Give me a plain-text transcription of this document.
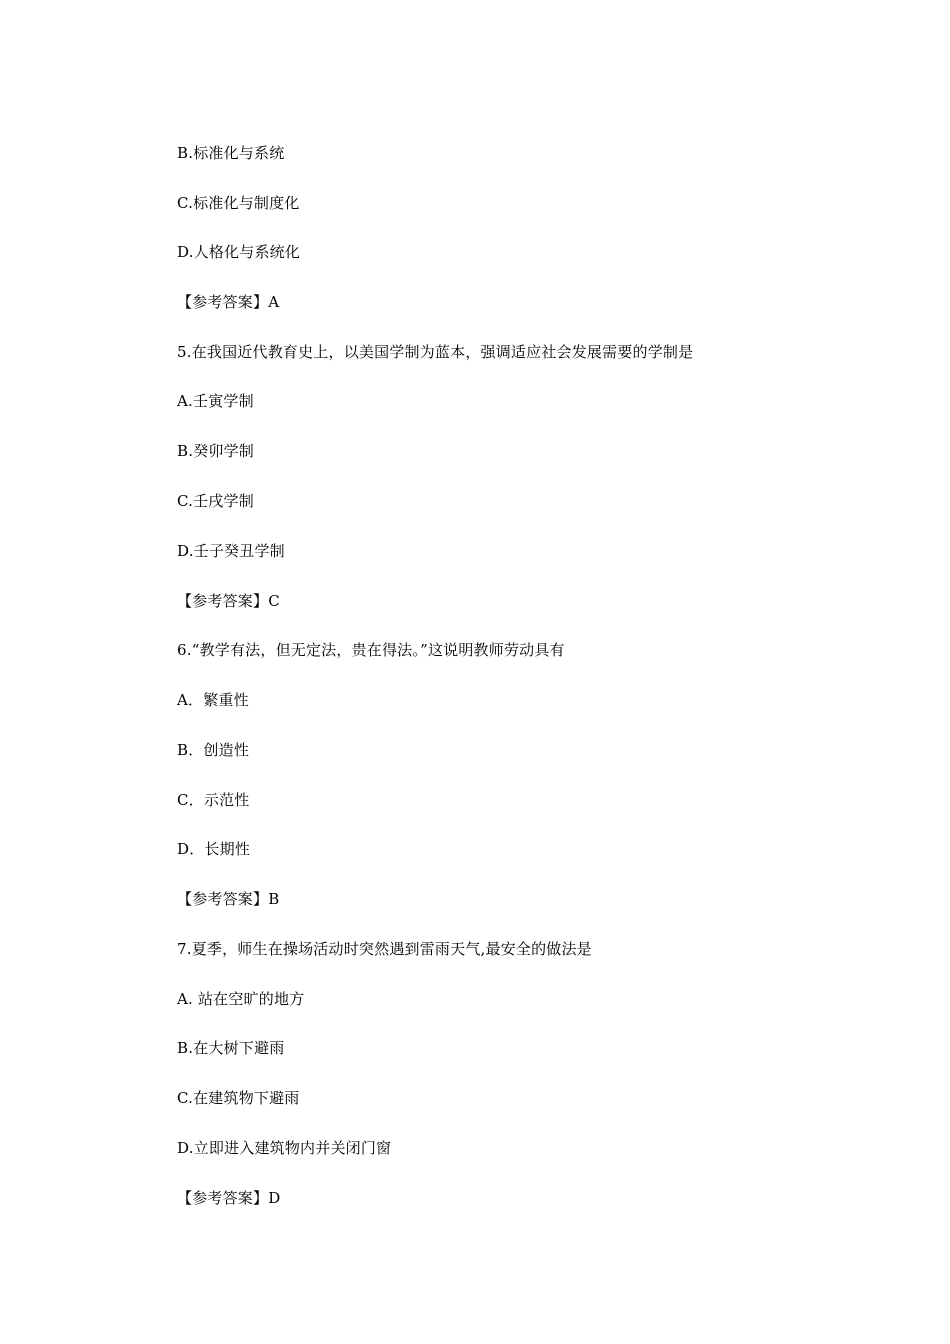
B.标准化与系统
C.标准化与制度化
D.人格化与系统化
【参考答案】A
5.在我国近代教育史上，以美国学制为蓝本，强调适应社会发展需要的学制是
A.壬寅学制
B.癸卯学制
C.壬戌学制
D.壬子癸丑学制
【参考答案】C
6.“教学有法，但无定法，贵在得法。”这说明教师劳动具有
A．繁重性
B．创造性
C．示范性
D．长期性
【参考答案】B
7.夏季，师生在操场活动时突然遇到雷雨天气,最安全的做法是
A. 站在空旷的地方
B.在大树下避雨
C.在建筑物下避雨
D.立即进入建筑物内并关闭门窗
【参考答案】D
